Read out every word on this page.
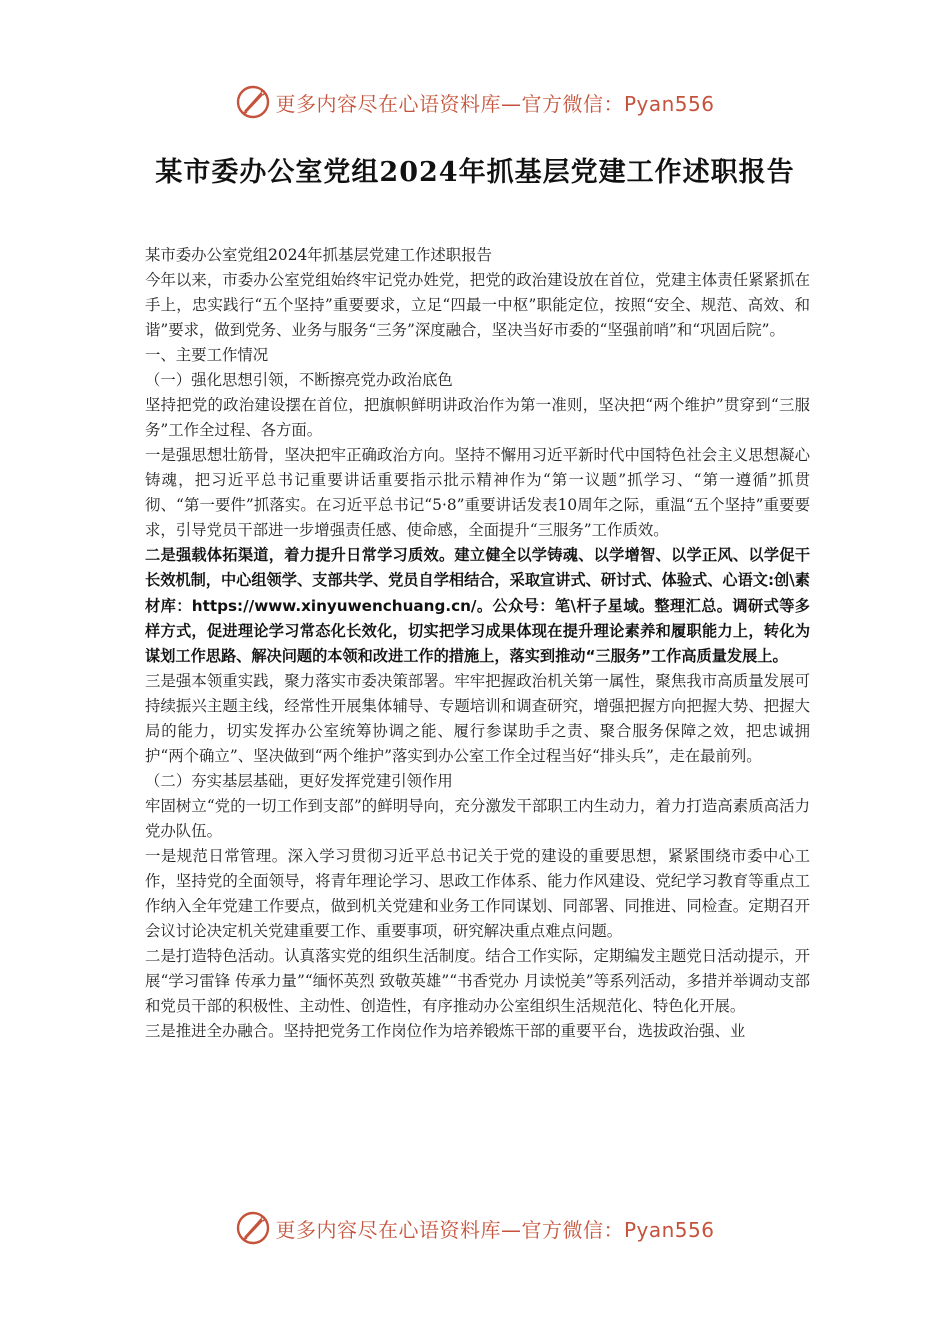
更多内容尽在心语资料库—官方微信：Pyan556
某市委办公室党组2024年抓基层党建工作述职报告

某市委办公室党组2024年抓基层党建工作述职报告

今年以来，市委办公室党组始终牢记党办姓党，把党的政治建设放在首位，党建主体责任紧紧抓在手上，忠实践行“五个坚持”重要要求，立足“四最一中枢”职能定位，按照“安全、规范、高效、和谐”要求，做到党务、业务与服务“三务”深度融合，坚决当好市委的“坚强前哨”和“巩固后院”。

一、主要工作情况

（一）强化思想引领，不断擦亮党办政治底色

坚持把党的政治建设摆在首位，把旗帜鲜明讲政治作为第一准则，坚决把“两个维护”贯穿到“三服务”工作全过程、各方面。

一是强思想壮筋骨，坚决把牢正确政治方向。坚持不懈用习近平新时代中国特色社会主义思想凝心铸魂，把习近平总书记重要讲话重要指示批示精神作为“第一议题”抓学习、“第一遵循”抓贯彻、“第一要件”抓落实。在习近平总书记“5·8”重要讲话发表10周年之际，重温“五个坚持”重要要求，引导党员干部进一步增强责任感、使命感，全面提升“三服务”工作质效。

二是强载体拓渠道，着力提升日常学习质效。建立健全以学铸魂、以学增智、以学正风、以学促干长效机制，中心组领学、支部共学、党员自学相结合，采取宣讲式、研讨式、体验式、心语文:创\素材库：https://www.xinyuwenchuang.cn/。公众号：笔\杆子星域。整理汇总。调研式等多样方式，促进理论学习常态化长效化，切实把学习成果体现在提升理论素养和履职能力上，转化为谋划工作思路、解决问题的本领和改进工作的措施上，落实到推动“三服务”工作高质量发展上。

三是强本领重实践，聚力落实市委决策部署。牢牢把握政治机关第一属性，聚焦我市高质量发展可持续振兴主题主线，经常性开展集体辅导、专题培训和调查研究，增强把握方向把握大势、把握大局的能力，切实发挥办公室统筹协调之能、履行参谋助手之责、聚合服务保障之效，把忠诚拥护“两个确立”、坚决做到“两个维护”落实到办公室工作全过程当好“排头兵”，走在最前列。

（二）夯实基层基础，更好发挥党建引领作用

牢固树立“党的一切工作到支部”的鲜明导向，充分激发干部职工内生动力，着力打造高素质高活力党办队伍。

一是规范日常管理。深入学习贯彻习近平总书记关于党的建设的重要思想，紧紧围绕市委中心工作，坚持党的全面领导，将青年理论学习、思政工作体系、能力作风建设、党纪学习教育等重点工作纳入全年党建工作要点，做到机关党建和业务工作同谋划、同部署、同推进、同检查。定期召开会议讨论决定机关党建重要工作、重要事项，研究解决重点难点问题。

二是打造特色活动。认真落实党的组织生活制度。结合工作实际，定期编发主题党日活动提示，开展“学习雷锋 传承力量”“缅怀英烈 致敬英雄”“书香党办 月读悦美”等系列活动，多措并举调动支部和党员干部的积极性、主动性、创造性，有序推动办公室组织生活规范化、特色化开展。

三是推进全办融合。坚持把党务工作岗位作为培养锻炼干部的重要平台，选拔政治强、业

更多内容尽在心语资料库—官方微信：Pyan556
